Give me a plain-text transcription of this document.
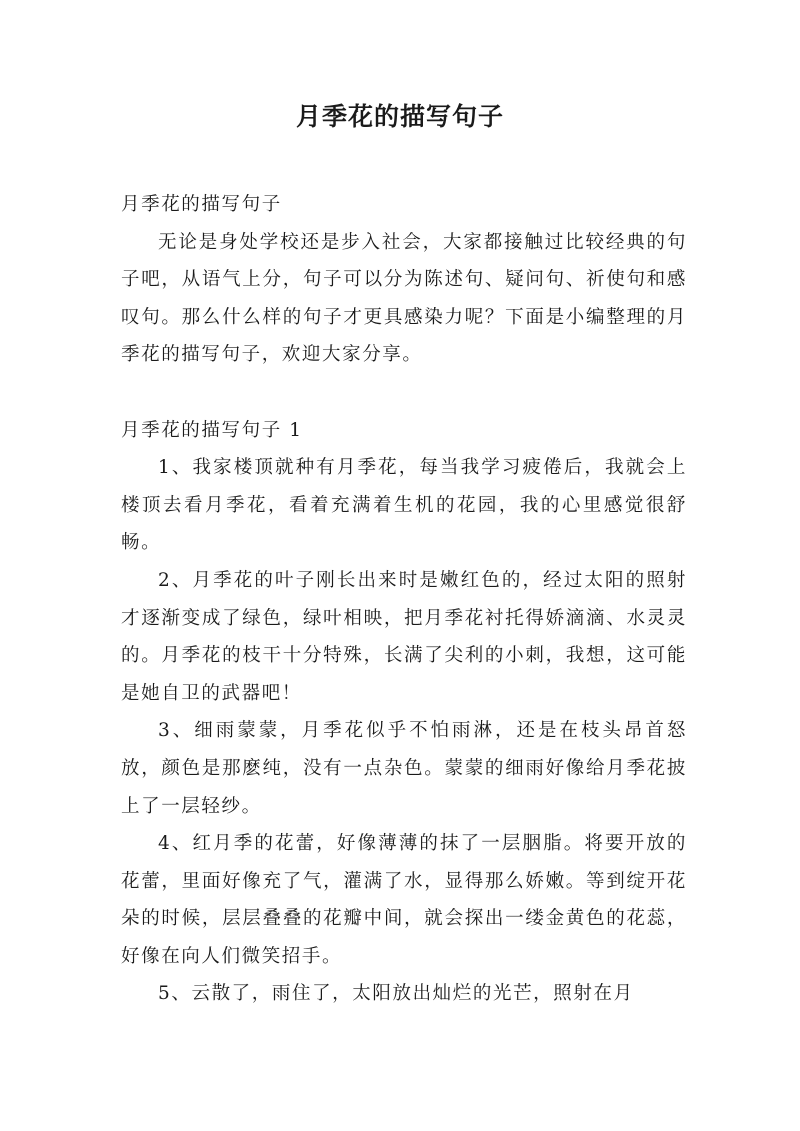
月季花的描写句子

月季花的描写句子

无论是身处学校还是步入社会，大家都接触过比较经典的句子吧，从语气上分，句子可以分为陈述句、疑问句、祈使句和感叹句。那么什么样的句子才更具感染力呢？下面是小编整理的月季花的描写句子，欢迎大家分享。

月季花的描写句子 1

1、我家楼顶就种有月季花，每当我学习疲倦后，我就会上楼顶去看月季花，看着充满着生机的花园，我的心里感觉很舒畅。

2、月季花的叶子刚长出来时是嫩红色的，经过太阳的照射才逐渐变成了绿色，绿叶相映，把月季花衬托得娇滴滴、水灵灵的。月季花的枝干十分特殊，长满了尖利的小刺，我想，这可能是她自卫的武器吧！

3、细雨蒙蒙，月季花似乎不怕雨淋，还是在枝头昂首怒放，颜色是那麽纯，没有一点杂色。蒙蒙的细雨好像给月季花披上了一层轻纱。

4、红月季的花蕾，好像薄薄的抹了一层胭脂。将要开放的花蕾，里面好像充了气，灌满了水，显得那么娇嫩。等到绽开花朵的时候，层层叠叠的花瓣中间，就会探出一缕金黄色的花蕊，好像在向人们微笑招手。

5、云散了，雨住了，太阳放出灿烂的光芒，照射在月
